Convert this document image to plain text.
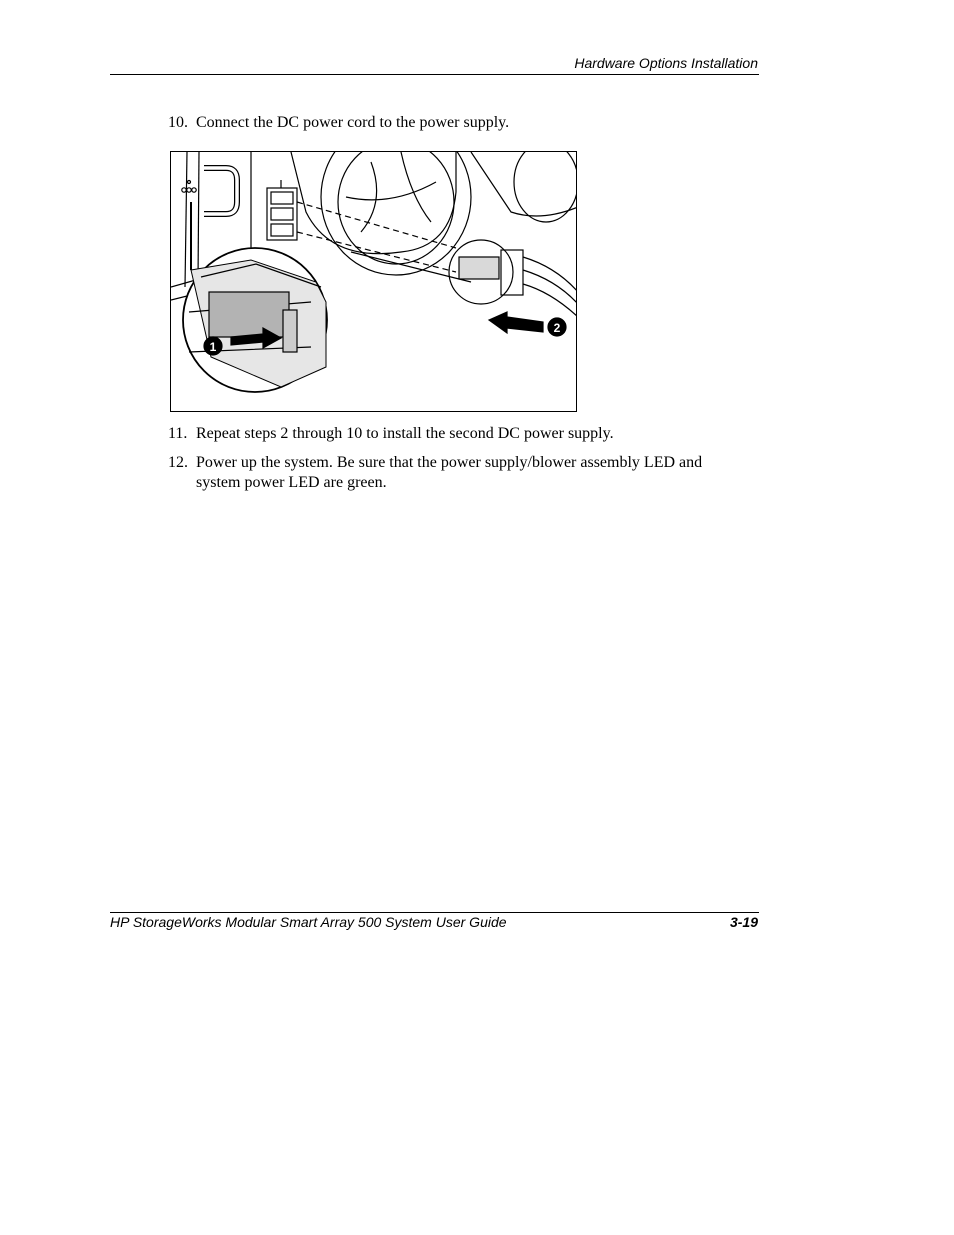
Hardware Options Installation
10. Connect the DC power cord to the power supply.
2
1
11. Repeat steps 2 through 10 to install the second DC power supply.
12. Power up the system. Be sure that the power supply/blower assembly LED and system power LED are green.
HP StorageWorks Modular Smart Array 500 System User Guide	3-19
